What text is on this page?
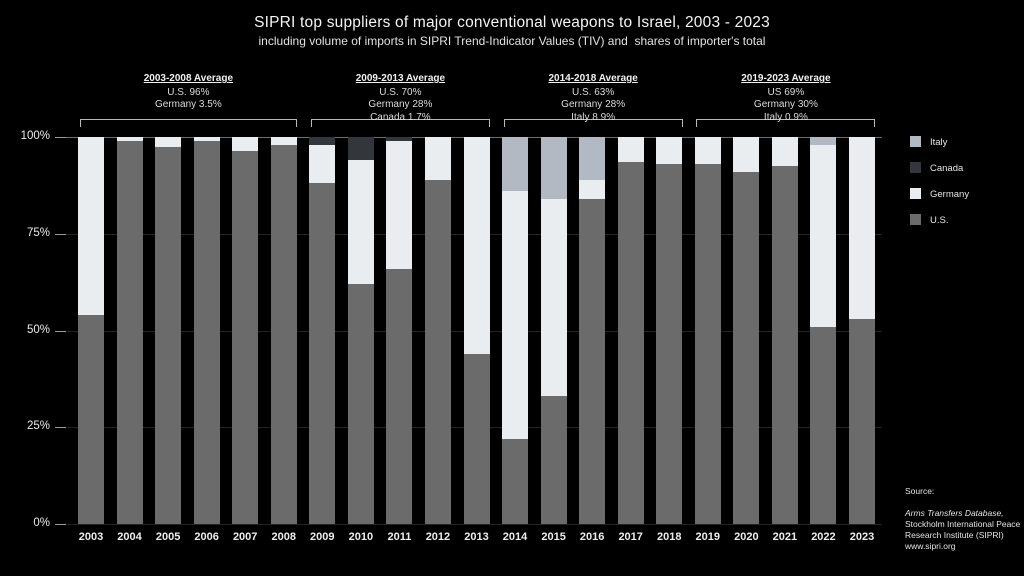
SIPRI top suppliers of major conventional weapons to Israel, 2003 - 2023
including volume of imports in SIPRI Trend-Indicator Values (TIV) and  shares of importer's total
Source:
Arms Transfers Database,
Stockholm International Peace Research Institute (SIPRI)
www.sipri.org
100%
75%
50%
25%
0%
2003	2004	2005	2006	2007	2008	2009	2010	2011	2012	2013	2014	2015	2016	2017	2018	2019	2020	2021	2022	2023
2003-2008 Average
U.S. 96%
Germany 3.5%
2009-2013 Average
U.S. 70%
Germany 28%
Canada 1.7%
2014-2018 Average
U.S. 63%
Germany 28%
Italy 8.9%
2019-2023 Average
US 69%
Germany 30%
Italy 0.9%
Italy
Canada
Germany
U.S.
